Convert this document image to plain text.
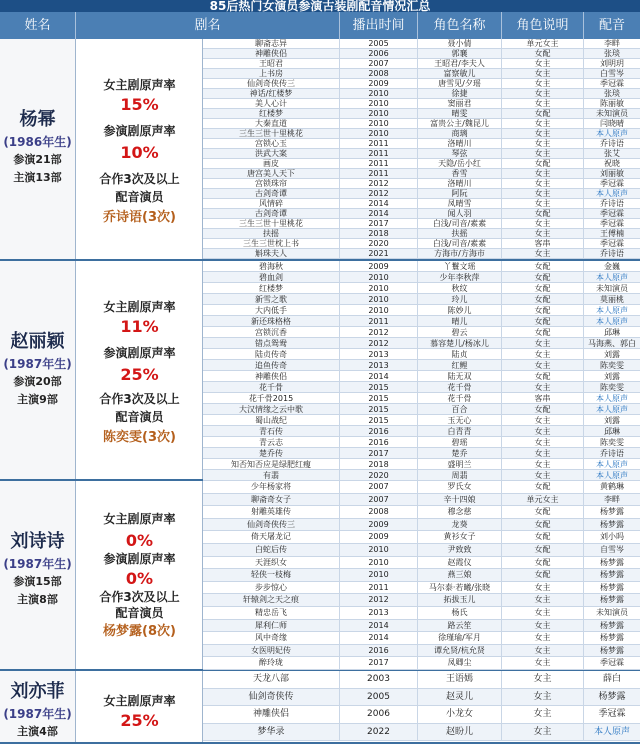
85后热门女演员参演古装剧配音情况汇总
姓名	剧名	播出时间	角色名称	角色说明	配音
杨幂
(1986年生)
参演21部
主演13部
女主剧原声率
15%
参演剧原声率
10%
合作3次及以上
配音演员
乔诗语(3次)
聊斋志异	2005	聂小倩	单元女主	李畔
神雕侠侣	2006	郭襄	女配	张琰
王昭君	2007	王昭君/李夫人	女主	刘明玥
上书房	2008	富察敏儿	女主	白雪岑
仙剑奇侠传三	2009	唐雪见/夕瑶	女主	季冠霖
神话/红楼梦	2010	徐捷	女主	张琰
美人心计	2010	窦丽君	女主	陈丽敏
红楼梦	2010	晴雯	女配	未知演员
大秦直道	2010	富贵公主/魏昆儿	女主	闫晓晴
三生三世十里桃花	2010	商璃	女主	本人原声
宫锁心玉	2011	洛晴川	女主	乔诗语
洪武大案	2011	琴弦	女主	张艾
画皮	2011	天隐/岳小红	女配	祝晓
唐宫美人天下	2011	香雪	女主	刘丽敏
宫锁珠帘	2012	洛晴川	女主	季冠霖
古剑奇谭	2012	阿阮	女主	本人原声
风情碎	2014	凤晴雪	女主	乔诗语
古剑奇谭	2014	闻人羽	女配	季冠霖
三生三世十里桃花	2017	白浅/司音/素素	女主	季冠霖
扶摇	2018	扶摇	女主	王傅楠
三生三世枕上书	2020	白浅/司音/素素	客串	季冠霖
斛珠夫人	2021	方海市/方海市	女主	乔诗语
赵丽颖
(1987年生)
参演20部
主演9部
女主剧原声率
11%
参演剧原声率
25%
合作3次及以上
配音演员
陈奕雯(3次)
碧海秋	2009	丫鬟文瑶	女配	金巍
碧血剑	2010	少年李秋萍	女配	本人原声
红楼梦	2010	秋纹	女配	未知演员
新雪之歌	2010	玲儿	女配	莫丽桃
大内低手	2010	陈妙儿	女配	本人原声
新还珠格格	2011	晴儿	女配	本人原声
宫锁沉香	2012	碧云	女配	邱琳
错点鸳鸯	2012	慕容楚儿/杨冰儿	女主	马海燕、郭白
陆贞传奇	2013	陆贞	女主	刘露
追鱼传奇	2013	红鲤	女主	陈奕雯
神雕侠侣	2014	陆无双	女配	刘露
花千骨	2015	花千骨	女主	陈奕雯
花千骨2015	2015	花千骨	客串	本人原声
大汉情缘之云中歌	2015	百合	女配	本人原声
蜀山战纪	2015	玉无心	女主	刘露
青石传	2016	白青青	女主	邱琳
青云志	2016	碧瑶	女主	陈奕雯
楚乔传	2017	楚乔	女主	乔诗语
知否知否应是绿肥红瘦	2018	盛明兰	女主	本人原声
有翡	2020	周翡	女主	本人原声
刘诗诗
(1987年生)
参演15部
主演8部
女主剧原声率
0%
参演剧原声率
0%
合作3次及以上
配音演员
杨梦露(8次)
少年杨家将	2007	罗氏女	女配	黄鹤琳
聊斋奇女子	2007	辛十四娘	单元女主	李畔
射雕英雄传	2008	穆念慈	女配	杨梦露
仙剑奇侠传三	2009	龙葵	女配	杨梦露
倚天屠龙记	2009	黄衫女子	女配	刘小吗
白蛇后传	2010	尹致致	女配	自雪岑
天涯织女	2010	赵霞仪	女配	杨梦露
轻侠一枝梅	2010	燕三娘	女配	杨梦露
步步惊心	2011	马尔泰·若曦/张晓	女主	杨梦露
轩辕剑之天之痕	2012	拓拔玉儿	女主	杨梦露
精忠岳飞	2013	杨氏	女主	未知演员
犀利仁师	2014	路云笙	女主	杨梦露
风中奇缘	2014	徐瑾瑜/军月	女主	杨梦露
女医明妃传	2016	谭允贤/杭允贤	女主	杨梦露
醉玲珑	2017	凤卿尘	女主	季冠霖
刘亦菲
(1987年生)
主演4部
女主剧原声率
25%
天龙八部	2003	王语嫣	女主	薛白
仙剑奇侠传	2005	赵灵儿	女主	杨梦露
神雕侠侣	2006	小龙女	女主	季冠霖
梦华录	2022	赵盼儿	女主	本人原声
